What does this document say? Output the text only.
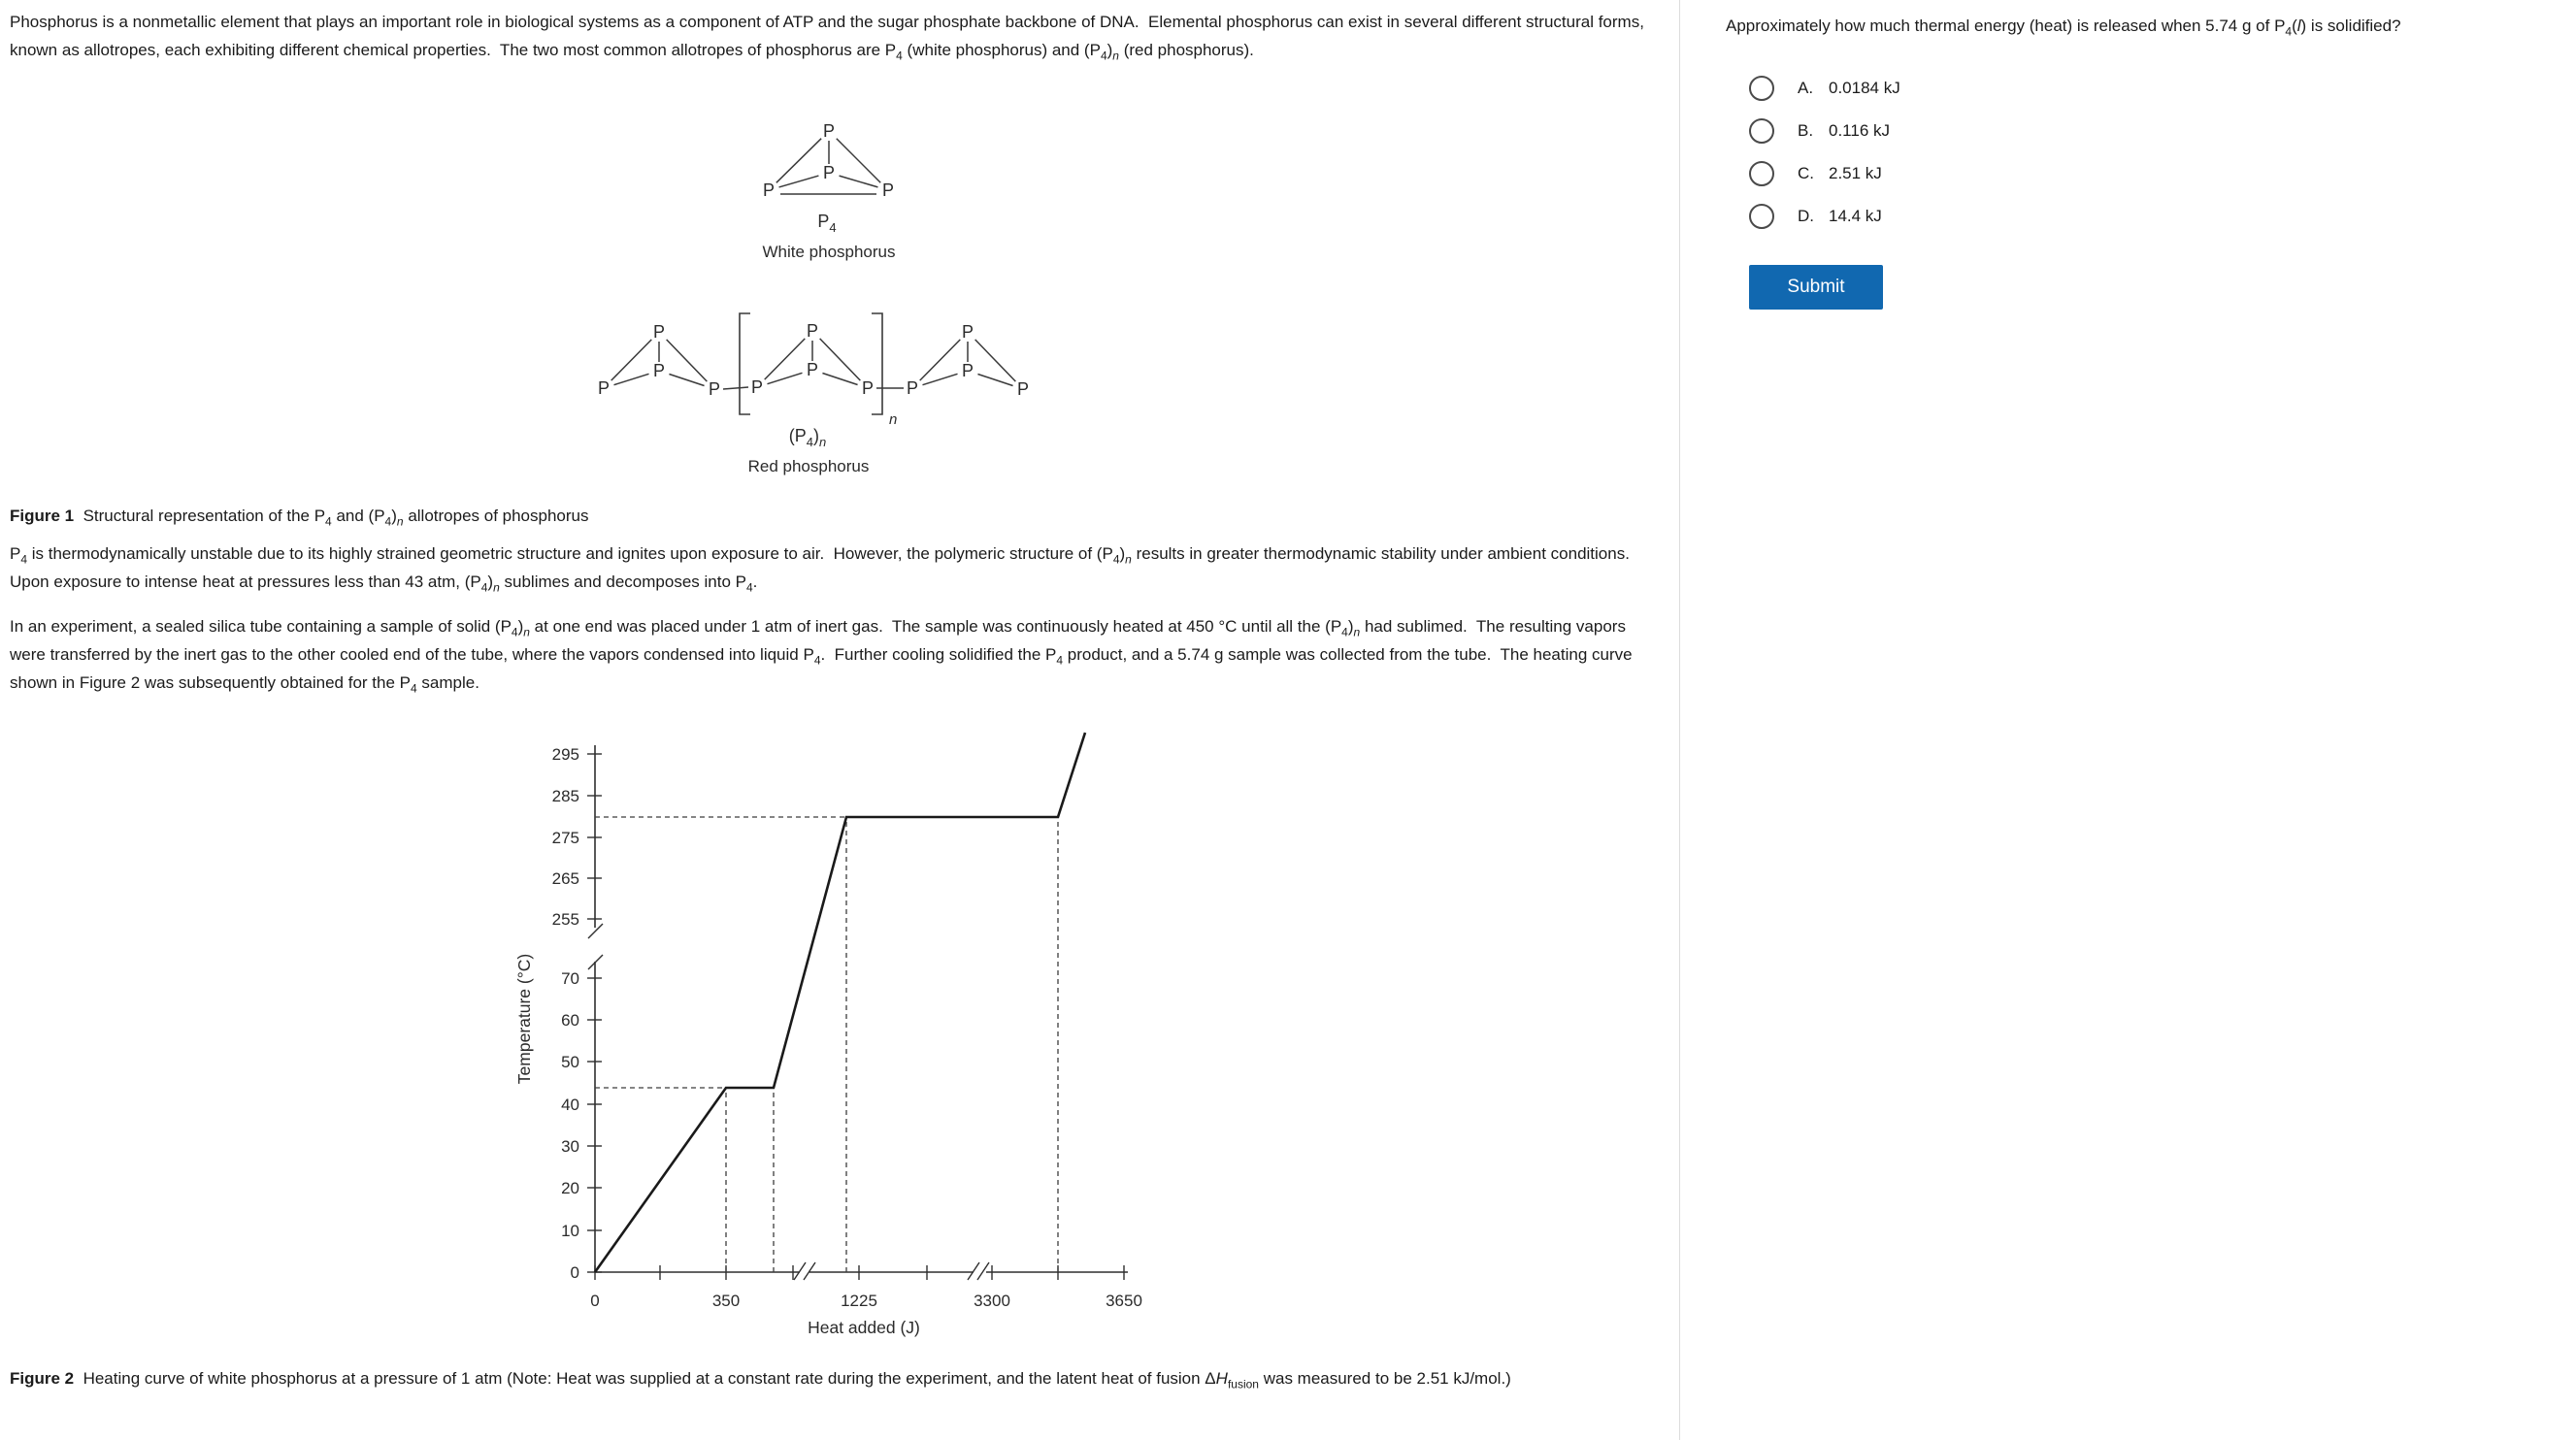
Phosphorus is a nonmetallic element that plays an important role in biological systems as a component of ATP and the sugar phosphate backbone of DNA.  Elemental phosphorus can exist in several different structural forms, known as allotropes, each exhibiting different chemical properties.  The two most common allotropes of phosphorus are $P_4$ (white phosphorus) and $(P_4)_n$ (red phosphorus).
P
P
P	P
$P_4$
White phosphorus
P
P
P	P
P
P
P	P
P
P
P	P
n
$(P_4)_n$
Red phosphorus
Figure 1  Structural representation of the $P_4$ and $(P_4)_n$ allotropes of phosphorus
$P_4$ is thermodynamically unstable due to its highly strained geometric structure and ignites upon exposure to air.  However, the polymeric structure of $(P_4)_n$ results in greater thermodynamic stability under ambient conditions.  Upon exposure to intense heat at pressures less than 43 atm, $(P_4)_n$ sublimes and decomposes into $P_4$.
In an experiment, a sealed silica tube containing a sample of solid $(P_4)_n$ at one end was placed under 1 atm of inert gas.  The sample was continuously heated at 450 °C until all the $(P_4)_n$ had sublimed.  The resulting vapors were transferred by the inert gas to the other cooled end of the tube, where the vapors condensed into liquid $P_4$.  Further cooling solidified the $P_4$ product, and a 5.74 g sample was collected from the tube.  The heating curve shown in Figure 2 was subsequently obtained for the $P_4$ sample.
0	350	1225	3300	3650
0
10
20
30
40
50
60
70
255
265
275
285
295
Temperature (°C)
Heat added (J)
Figure 2  Heating curve of white phosphorus at a pressure of 1 atm (Note: Heat was supplied at a constant rate during the experiment, and the latent heat of fusion $\Delta H_{fusion}$ was measured to be 2.51 kJ/mol.)
Approximately how much thermal energy (heat) is released when 5.74 g of $P_4(l)$ is solidified?
A. 0.0184 kJ
B. 0.116 kJ
C. 2.51 kJ
D. 14.4 kJ
Submit
